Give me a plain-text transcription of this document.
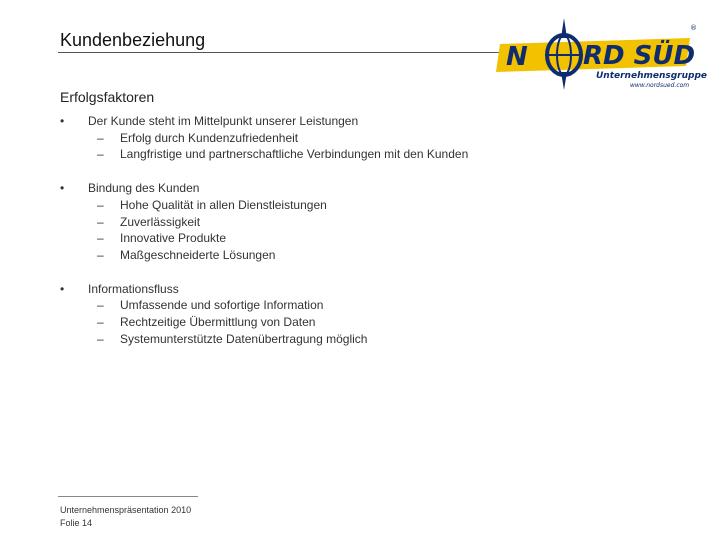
Kundenbeziehung
N RD SÜD
®
Unternehmensgruppe
www.nordsued.com
Erfolgsfaktoren
•	Der Kunde steht im Mittelpunkt unserer Leistungen
– Erfolg durch Kundenzufriedenheit
– Langfristige und partnerschaftliche Verbindungen mit den Kunden
•	Bindung des Kunden
– Hohe Qualität in allen Dienstleistungen
– Zuverlässigkeit
– Innovative Produkte
– Maßgeschneiderte Lösungen
•	Informationsfluss
– Umfassende und sofortige Information
– Rechtzeitige Übermittlung von Daten
– Systemunterstützte Datenübertragung möglich
Unternehmenspräsentation 2010
Folie 14
